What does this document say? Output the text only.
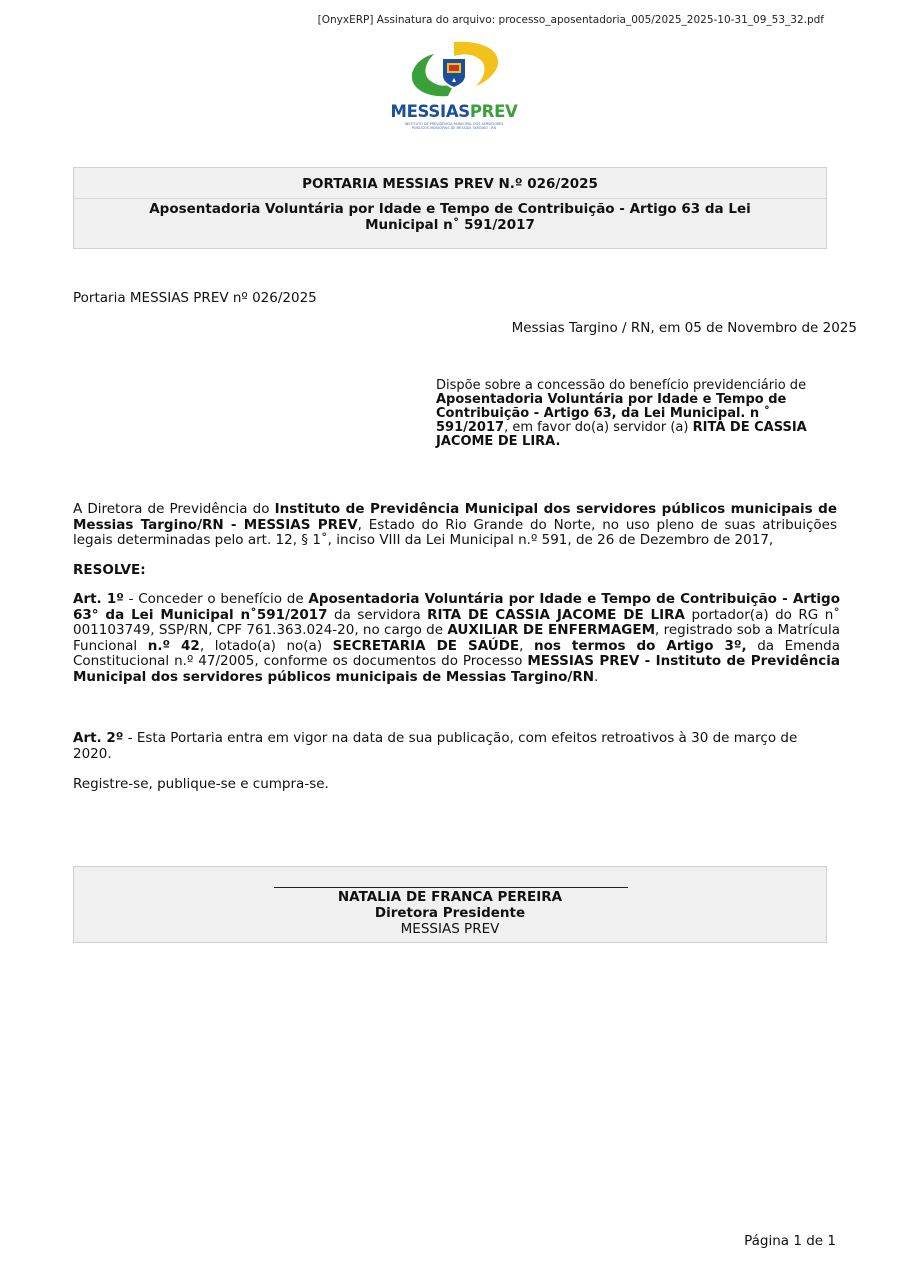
[OnyxERP] Assinatura do arquivo: processo_aposentadoria_005/2025_2025-10-31_09_53_32.pdf
MESSIASPREV
INSTITUTO DE PREVIDÊNCIA MUNICIPAL DOS SERVIDORES PÚBLICOS MUNICIPAIS DE MESSIAS TARGINO - RN
PORTARIA MESSIAS PREV N.º 026/2025
Aposentadoria Voluntária por Idade e Tempo de Contribuição - Artigo 63 da Lei Municipal n˚ 591/2017
Portaria MESSIAS PREV nº 026/2025
Messias Targino / RN, em 05 de Novembro de 2025
Dispõe sobre a concessão do benefício previdenciário de Aposentadoria Voluntária por Idade e Tempo de Contribuição - Artigo 63, da Lei Municipal. n ˚ 591/2017, em favor do(a) servidor (a) RITA DE CASSIA JACOME DE LIRA.
A Diretora de Previdência do Instituto de Previdência Municipal dos servidores públicos municipais de Messias Targino/RN - MESSIAS PREV, Estado do Rio Grande do Norte, no uso pleno de suas atribuições legais determinadas pelo art. 12, § 1˚, inciso VIII da Lei Municipal n.º 591, de 26 de Dezembro de 2017,
RESOLVE:
Art. 1º - Conceder o benefício de Aposentadoria Voluntária por Idade e Tempo de Contribuição - Artigo 63° da Lei Municipal n˚591/2017 da servidora RITA DE CASSIA JACOME DE LIRA portador(a) do RG n˚ 001103749, SSP/RN, CPF 761.363.024-20, no cargo de AUXILIAR DE ENFERMAGEM, registrado sob a Matrícula Funcional n.º 42, lotado(a) no(a) SECRETARIA DE SAÚDE, nos termos do Artigo 3º, da Emenda Constitucional n.º 47/2005, conforme os documentos do Processo MESSIAS PREV - Instituto de Previdência Municipal dos servidores públicos municipais de Messias Targino/RN.
Art. 2º - Esta Portaria entra em vigor na data de sua publicação, com efeitos retroativos à 30 de março de 2020.
Registre-se, publique-se e cumpra-se.
NATALIA DE FRANCA PEREIRA
Diretora Presidente
MESSIAS PREV
Página 1 de 1
